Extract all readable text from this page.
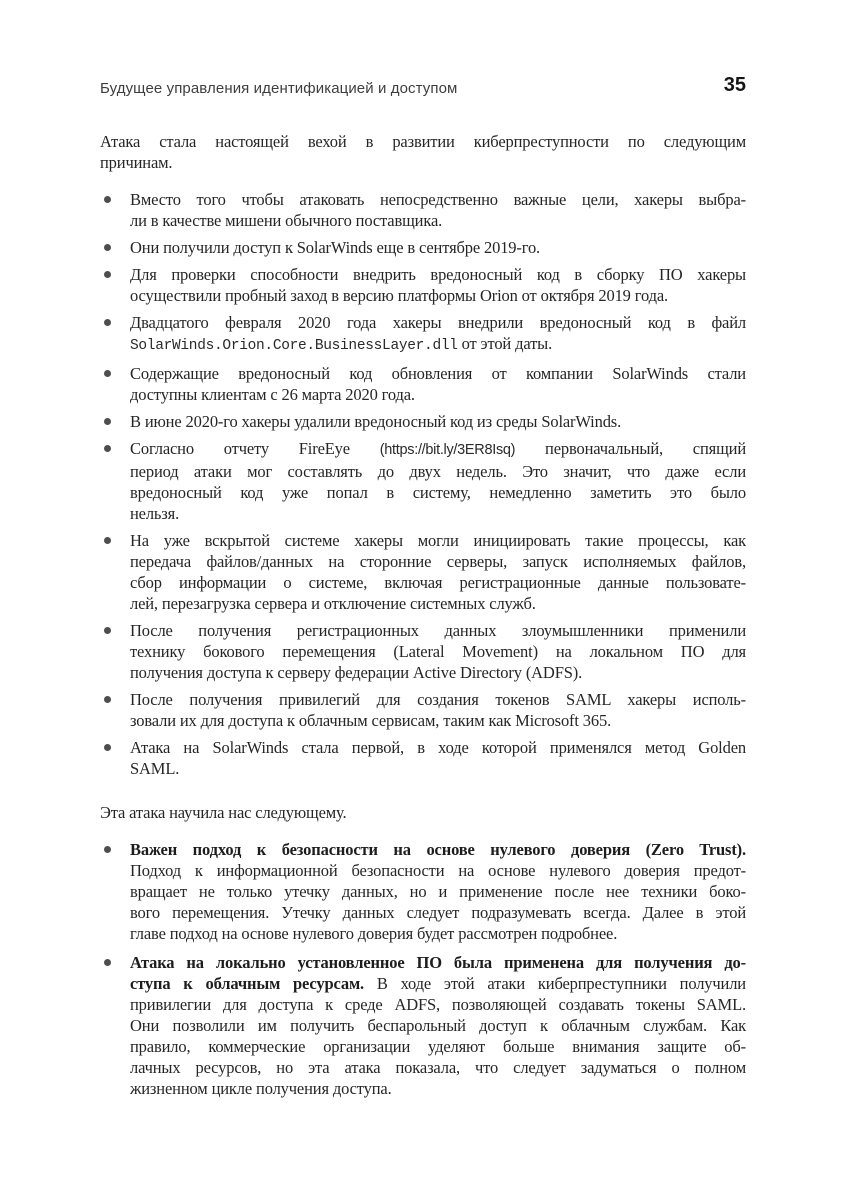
Будущее управления идентификацией и доступом	35
Атака стала настоящей вехой в развитии киберпреступности по следующим
причинам.
Вместо того чтобы атаковать непосредственно важные цели, хакеры выбра-
ли в качестве мишени обычного поставщика.
Они получили доступ к SolarWinds еще в сентябре 2019-го.
Для проверки способности внедрить вредоносный код в сборку ПО хакеры
осуществили пробный заход в версию платформы Orion от октября 2019 года.
Двадцатого февраля 2020 года хакеры внедрили вредоносный код в файл
SolarWinds.Orion.Core.BusinessLayer.dll от этой даты.
Содержащие вредоносный код обновления от компании SolarWinds стали
доступны клиентам с 26 марта 2020 года.
В июне 2020-го хакеры удалили вредоносный код из среды SolarWinds.
Согласно отчету FireEye (https://bit.ly/3ER8Isq) первоначальный, спящий
период атаки мог составлять до двух недель. Это значит, что даже если
вредоносный код уже попал в систему, немедленно заметить это было
нельзя.
На уже вскрытой системе хакеры могли инициировать такие процессы, как
передача файлов/данных на сторонние серверы, запуск исполняемых файлов,
сбор информации о системе, включая регистрационные данные пользовате-
лей, перезагрузка сервера и отключение системных служб.
После получения регистрационных данных злоумышленники применили
технику бокового перемещения (Lateral Movement) на локальном ПО для
получения доступа к серверу федерации Active Directory (ADFS).
После получения привилегий для создания токенов SAML хакеры исполь-
зовали их для доступа к облачным сервисам, таким как Microsoft 365.
Атака на SolarWinds стала первой, в ходе которой применялся метод Golden
SAML.
Эта атака научила нас следующему.
Важен подход к безопасности на основе нулевого доверия (Zero Trust).
Подход к информационной безопасности на основе нулевого доверия предот-
вращает не только утечку данных, но и применение после нее техники боко-
вого перемещения. Утечку данных следует подразумевать всегда. Далее в этой
главе подход на основе нулевого доверия будет рассмотрен подробнее.
Атака на локально установленное ПО была применена для получения до-
ступа к облачным ресурсам. В ходе этой атаки киберпреступники получили
привилегии для доступа к среде ADFS, позволяющей создавать токены SAML.
Они позволили им получить беспарольный доступ к облачным службам. Как
правило, коммерческие организации уделяют больше внимания защите об-
лачных ресурсов, но эта атака показала, что следует задуматься о полном
жизненном цикле получения доступа.
